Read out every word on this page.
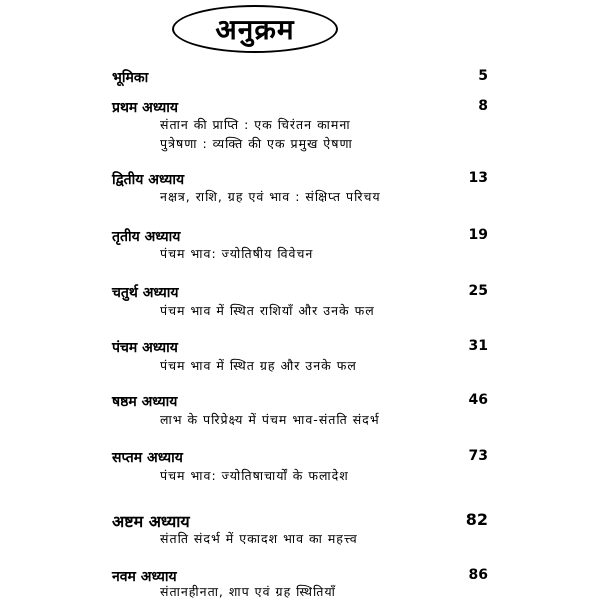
अनुक्रम
भूमिका	5
प्रथम अध्याय	8
संतान की प्राप्ति : एक चिरंतन कामना
पुत्रेषणा : व्यक्ति की एक प्रमुख ऐषणा
द्वितीय अध्याय	13
नक्षत्र, राशि, ग्रह एवं भाव : संक्षिप्त परिचय
तृतीय अध्याय	19
पंचम भाव: ज्योतिषीय विवेचन
चतुर्थ अध्याय	25
पंचम भाव में स्थित राशियाँ और उनके फल
पंचम अध्याय	31
पंचम भाव में स्थित ग्रह और उनके फल
षष्ठम अध्याय	46
लाभ के परिप्रेक्ष्य में पंचम भाव-संतति संदर्भ
सप्तम अध्याय	73
पंचम भाव: ज्योतिषाचार्यों के फलादेश
अष्टम अध्याय	82
संतति संदर्भ में एकादश भाव का महत्त्व
नवम अध्याय	86
संतानहीनता, शाप एवं ग्रह स्थितियाँ
